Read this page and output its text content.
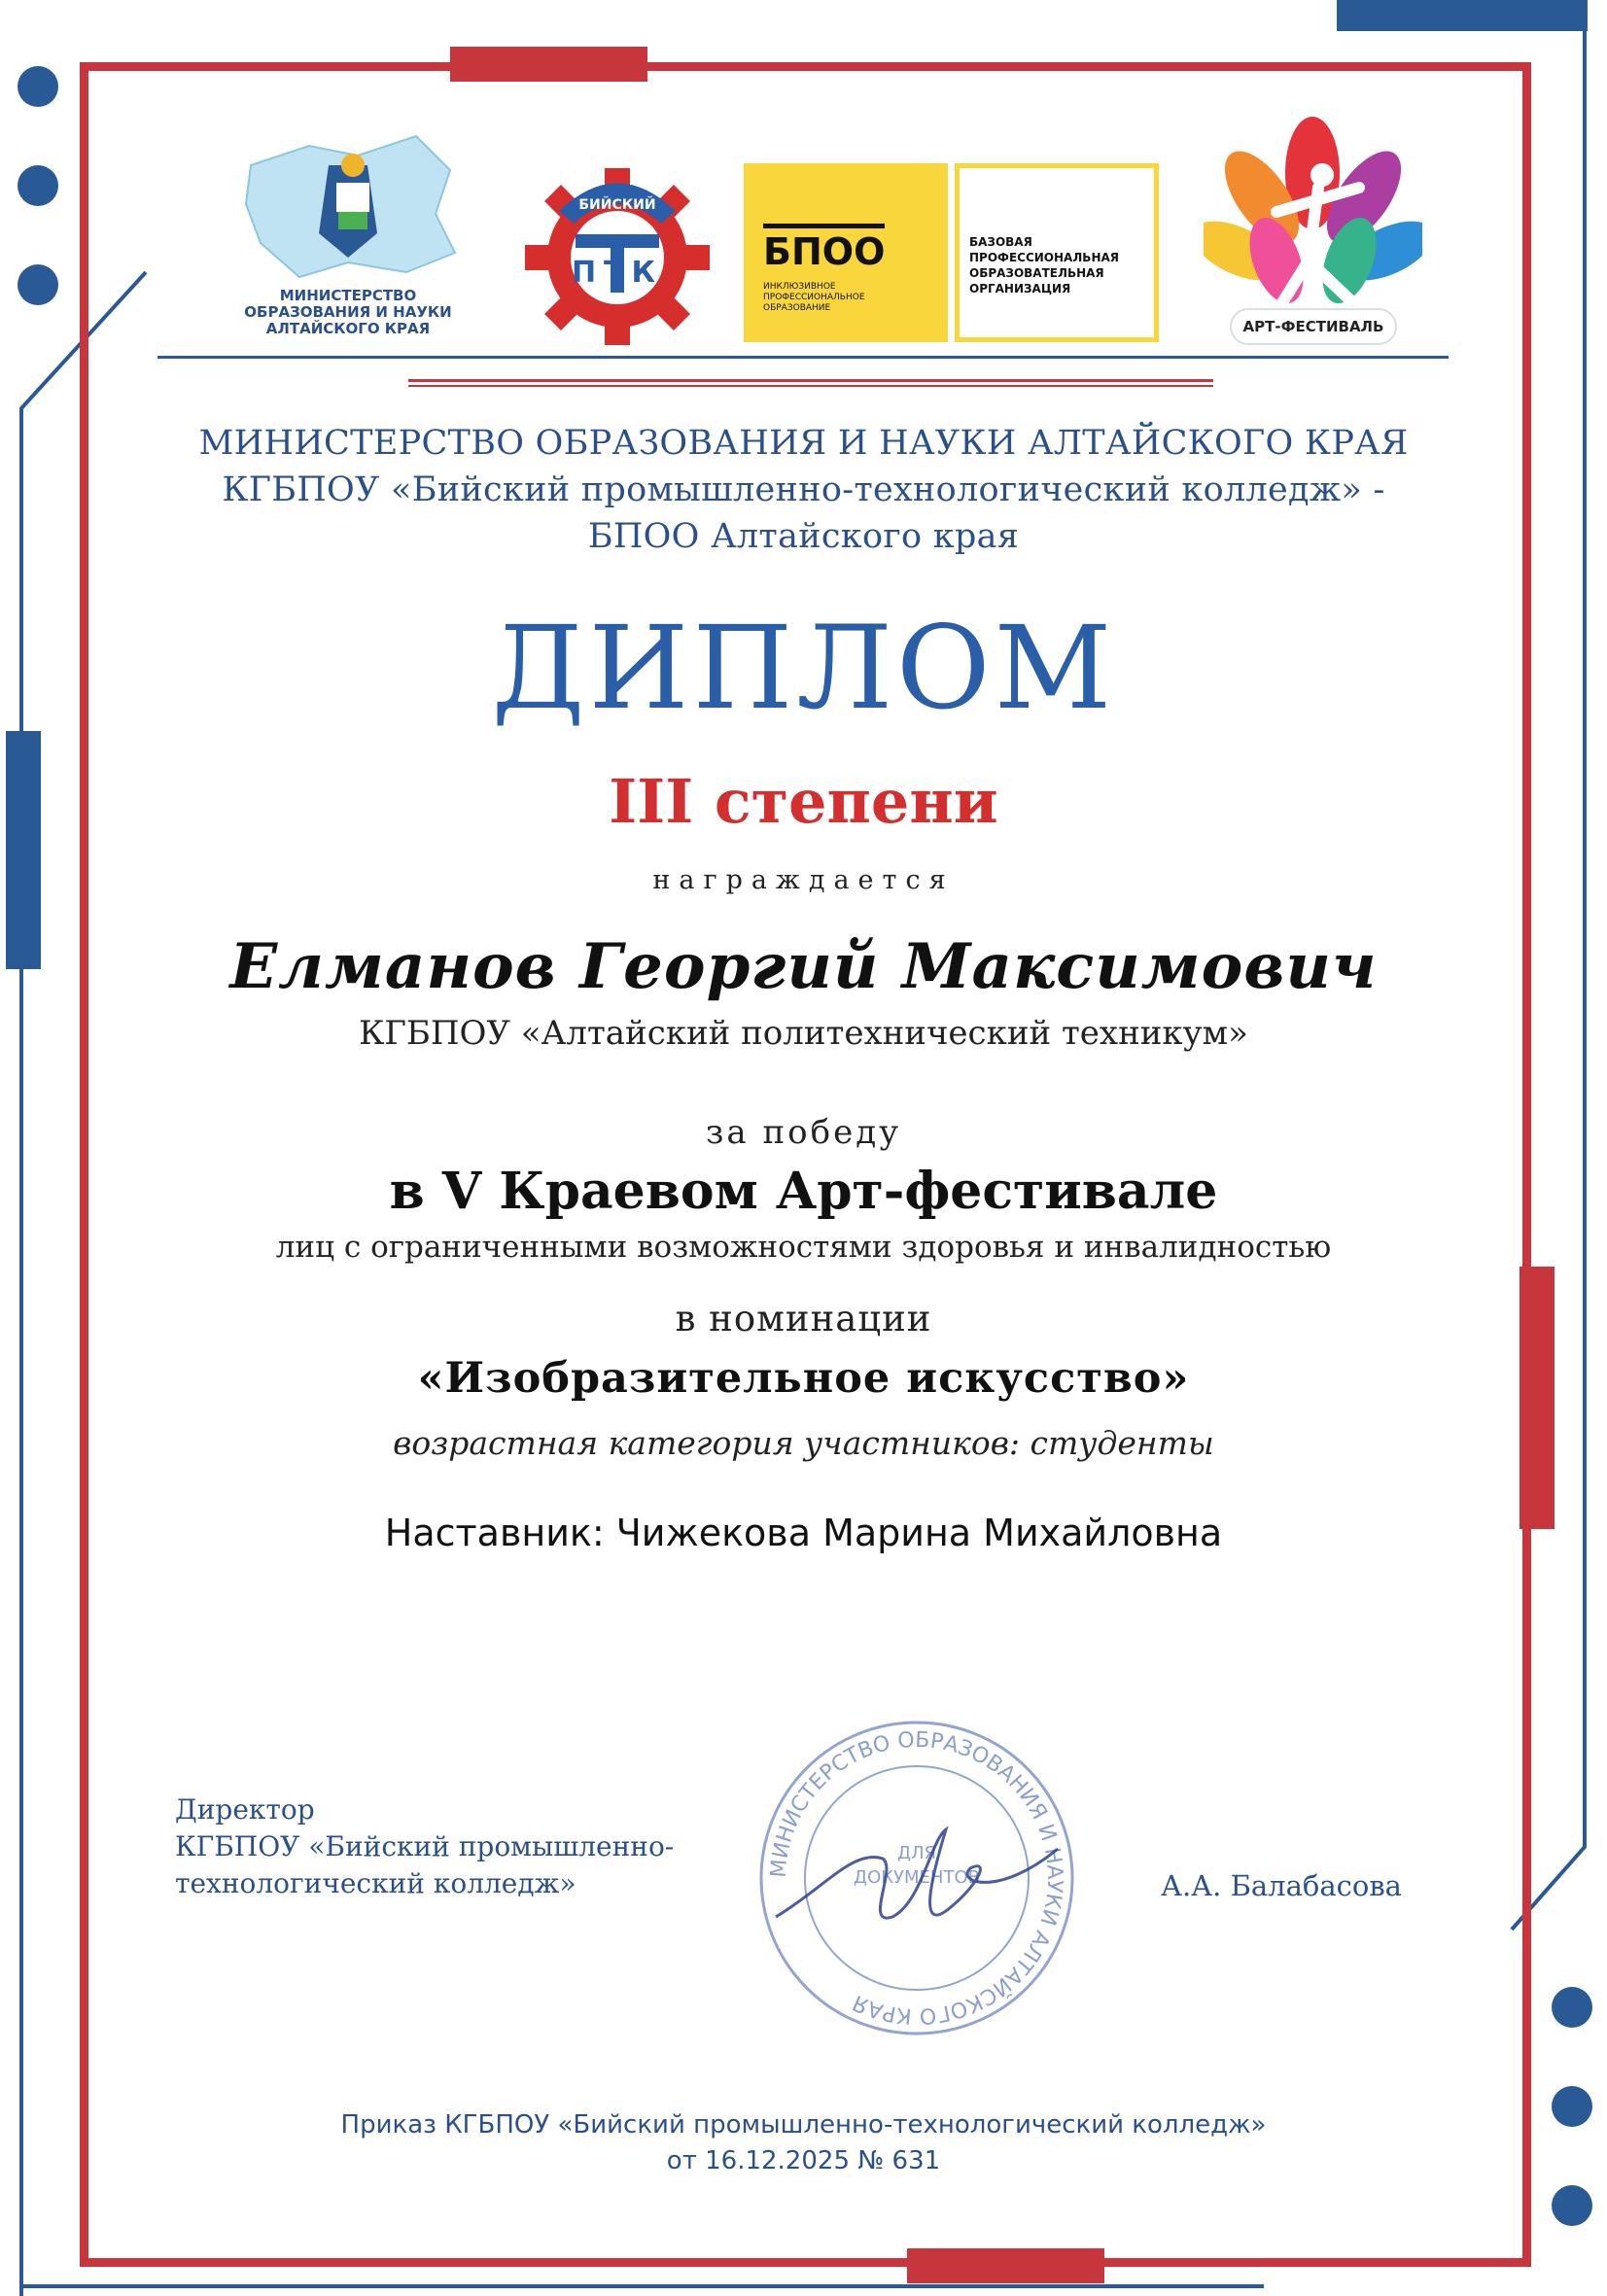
МИНИСТЕРСТВО
ОБРАЗОВАНИЯ И НАУКИ
АЛТАЙСКОГО КРАЯ
БИЙСКИЙ
ПТК	БПОО
ИНКЛЮЗИВНОЕ
ПРОФЕССИОНАЛЬНОЕ
ОБРАЗОВАНИЕ
БАЗОВАЯ
ПРОФЕССИОНАЛЬНАЯ
ОБРАЗОВАТЕЛЬНАЯ
ОРГАНИЗАЦИЯ
АРТ-ФЕСТИВАЛЬ
МИНИСТЕРСТВО ОБРАЗОВАНИЯ И НАУКИ АЛТАЙСКОГО КРАЯ
КГБПОУ «Бийский промышленно-технологический колледж» -
БПОО Алтайского края
ДИПЛОМ
III степени
награждается
Елманов Георгий Максимович
КГБПОУ «Алтайский политехнический техникум»
за победу
в V Краевом Арт-фестивале
лиц с ограниченными возможностями здоровья и инвалидностью
в номинации
«Изобразительное искусство»
возрастная категория участников: студенты
Наставник: Чижекова Марина Михайловна
Директор
КГБПОУ «Бийский промышленно-
технологический колледж»	А.А. Балабасова
МИНИСТЕРСТВО ОБРАЗОВАНИЯ И НАУКИ АЛТАЙСКОГО КРАЯ
ДЛЯ
ДОКУМЕНТОВ
Приказ КГБПОУ «Бийский промышленно-технологический колледж»
от 16.12.2025 № 631
